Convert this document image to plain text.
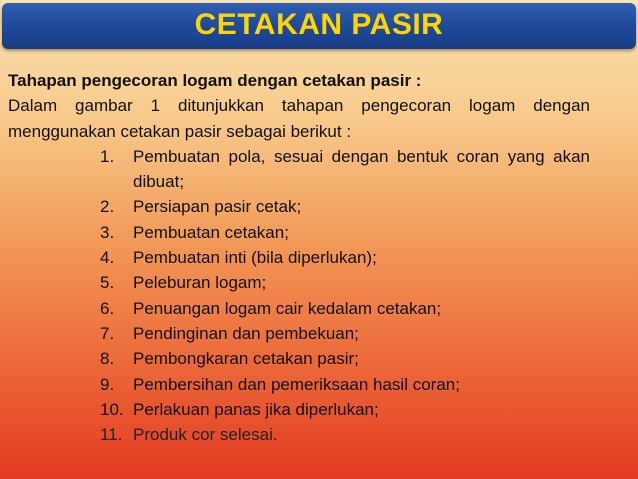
CETAKAN PASIR
Tahapan pengecoran logam dengan cetakan pasir :
Dalam gambar 1 ditunjukkan tahapan pengecoran logam dengan menggunakan cetakan pasir sebagai berikut :
1. Pembuatan pola, sesuai dengan bentuk coran yang akan dibuat;
2. Persiapan pasir cetak;
3. Pembuatan cetakan;
4. Pembuatan inti (bila diperlukan);
5. Peleburan logam;
6. Penuangan logam cair kedalam cetakan;
7. Pendinginan dan pembekuan;
8. Pembongkaran cetakan pasir;
9. Pembersihan dan pemeriksaan hasil coran;
10. Perlakuan panas jika diperlukan;
11. Produk cor selesai.
